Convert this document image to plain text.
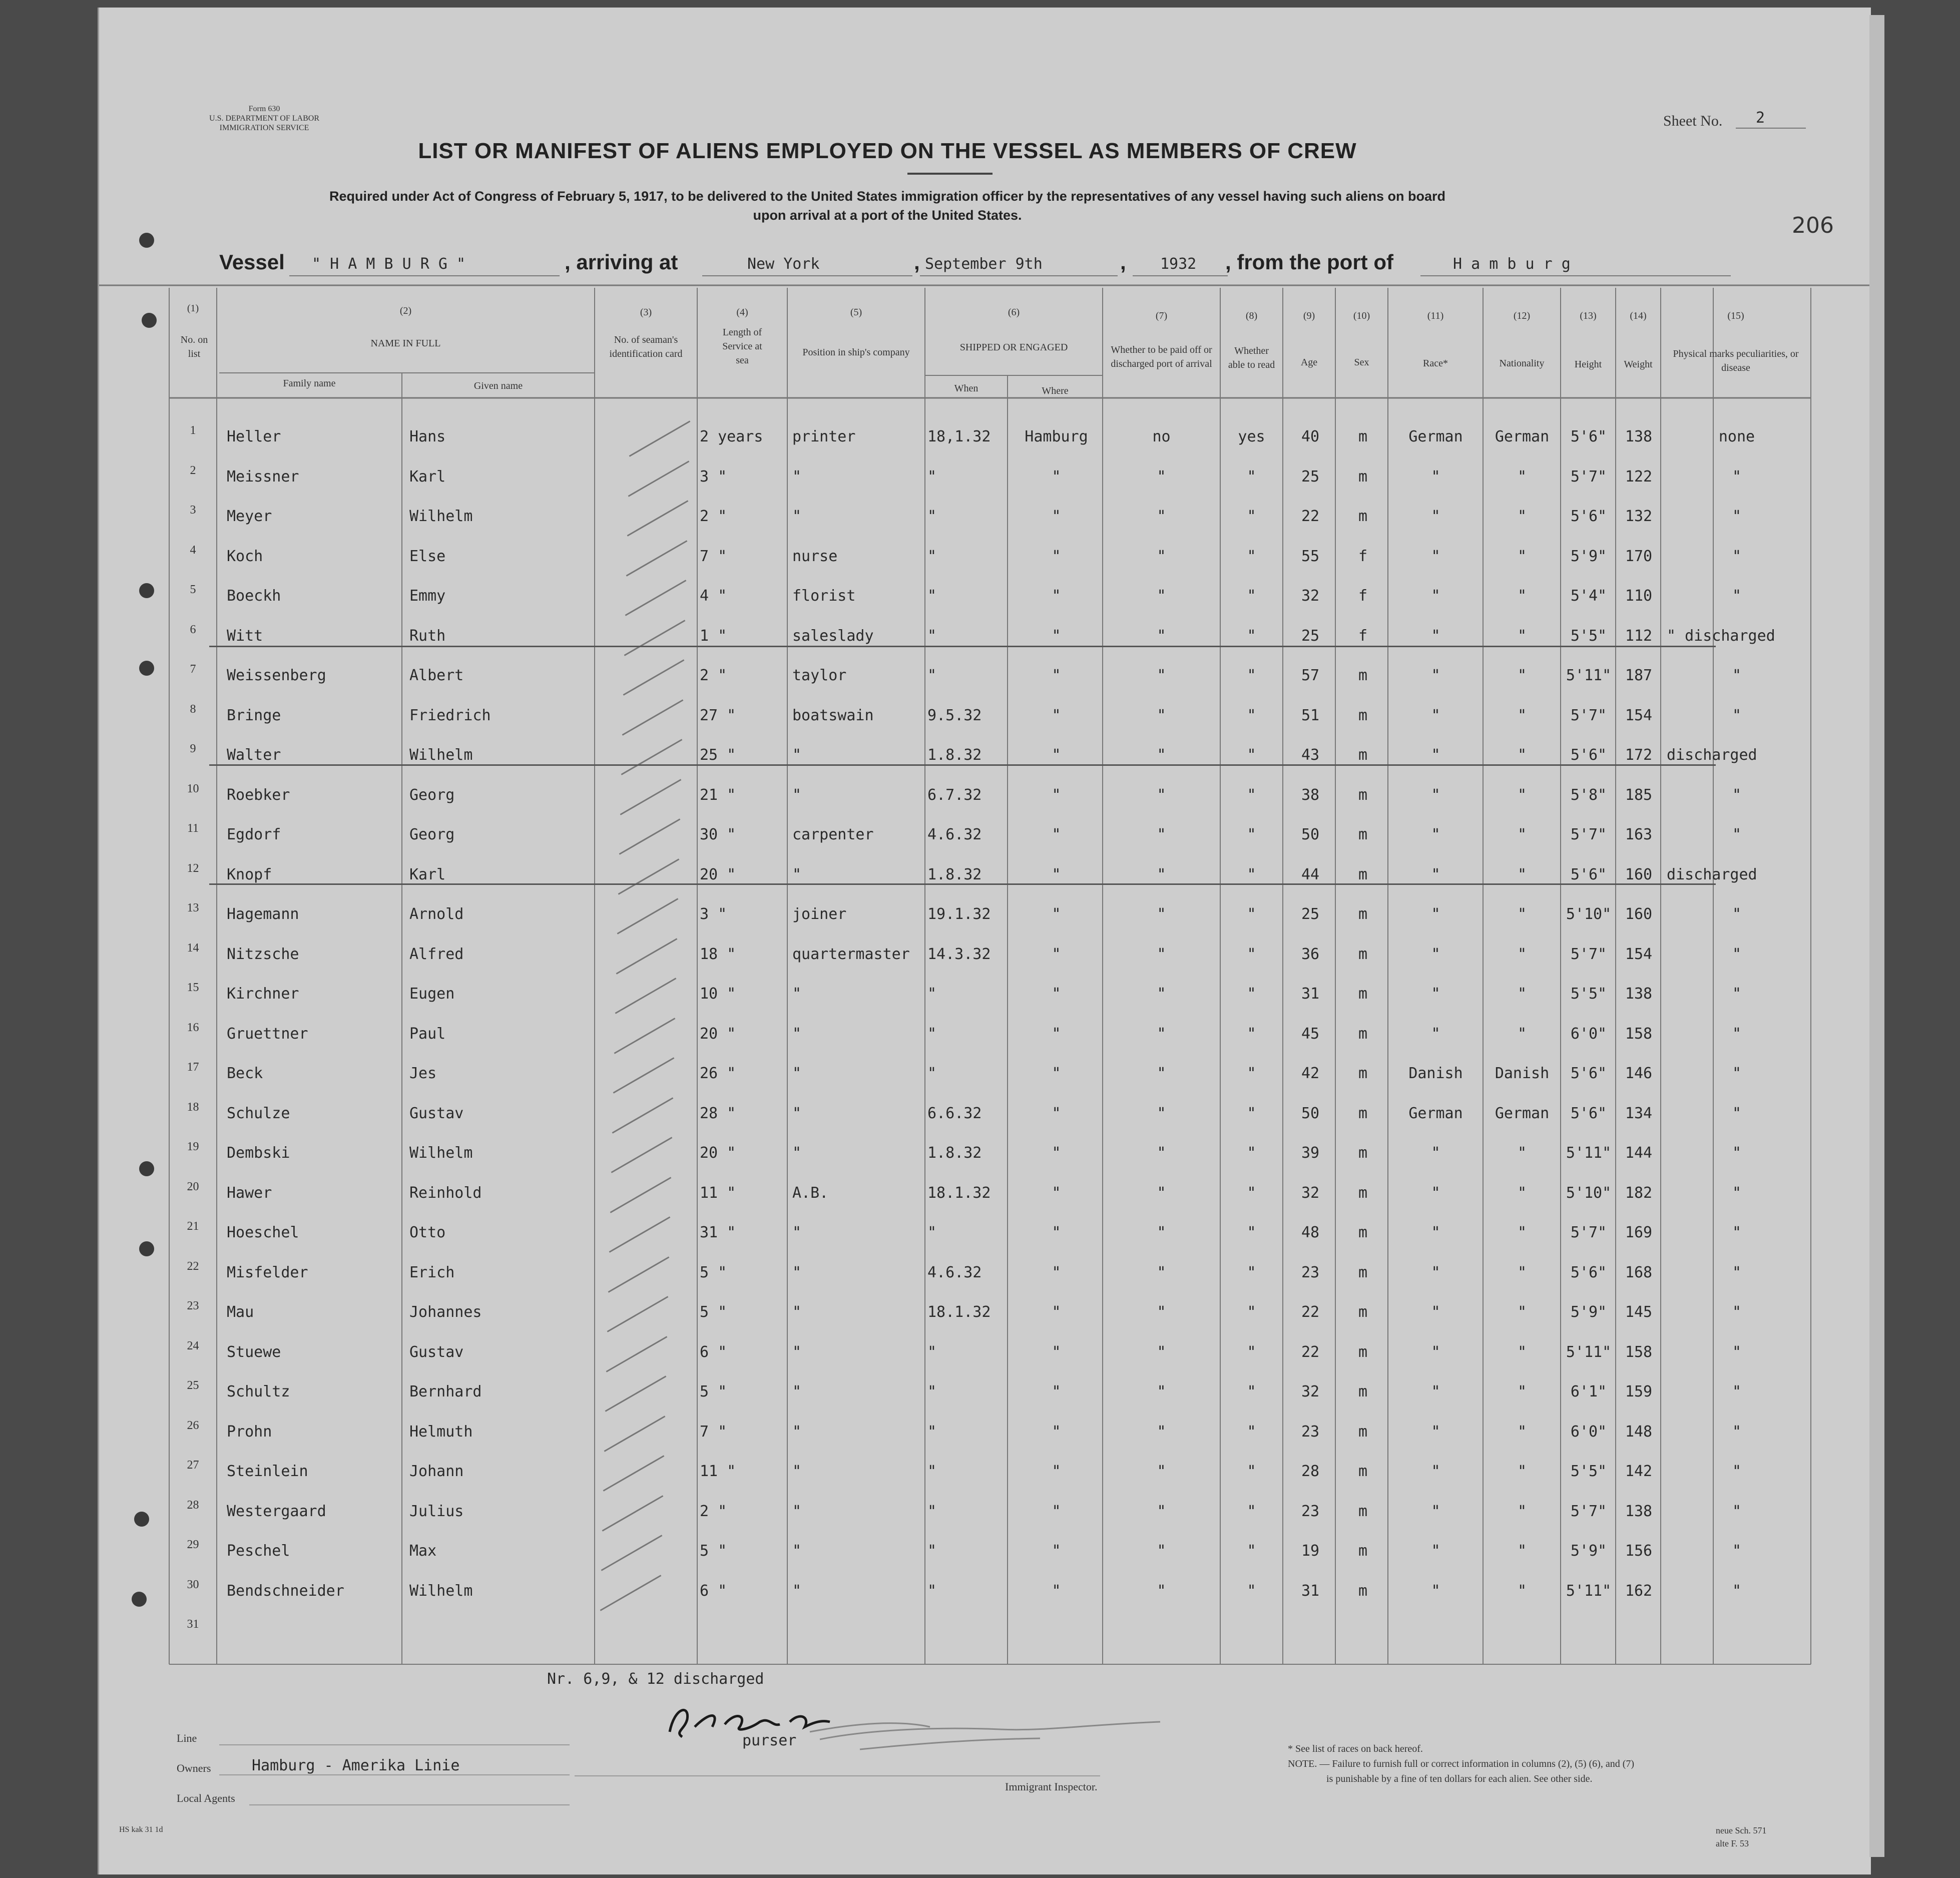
Form 630
U.S. DEPARTMENT OF LABOR
IMMIGRATION SERVICE
LIST OR MANIFEST OF ALIENS EMPLOYED ON THE VESSEL AS MEMBERS OF CREW
Required under Act of Congress of February 5, 1917, to be delivered to the United States immigration officer by the representatives of any vessel having such aliens on board
upon arrival at a port of the United States.
Sheet No. 2
206
Vessel " H A M B U R G "	, arriving at	New York	, September 9th	, 1932 , from the port of	H a m b u r g
(1)	(2)	(3)	(4)	(5)	(6)	(7)	(8)	(9)	(10)	(11)	(12)	(13)	(14)	(15)
No. on list
NAME IN FULL
Family name	Given name
No. of seaman's identification card
Length of Service at sea
Position in ship's company	SHIPPED OR ENGAGED
When	Where
Whether to be paid off or discharged port of arrival
Whether able to read	Age	Sex	Race*	Nationality	Height	Weight
Physical marks peculiarities, or disease
1	Heller	Hans	2 years	printer	18,1.32	Hamburg	no	yes	40	m	German	German	5'6"	138	none
2	Meissner	Karl	3 "	"	"	"	"	"	25	m	"	"	5'7"	122	"
3	Meyer	Wilhelm	2 "	"	"	"	"	"	22	m	"	"	5'6"	132	"
4	Koch	Else	7 "	nurse	"	"	"	"	55	f	"	"	5'9"	170	"
5	Boeckh	Emmy	4 "	florist	"	"	"	"	32	f	"	"	5'4"	110	"
6	Witt	Ruth	1 "	saleslady	"	"	"	"	25	f	"	"	5'5"	112 " discharged
7	Weissenberg	Albert	2 "	taylor	"	"	"	"	57	m	"	"	5'11" 187	"
8	Bringe	Friedrich	27 "	boatswain	9.5.32	"	"	"	51	m	"	"	5'7"	154	"
9	Walter	Wilhelm	25 "	"	1.8.32	"	"	"	43	m	"	"	5'6"	172 discharged
10	Roebker	Georg	21 "	"	6.7.32	"	"	"	38	m	"	"	5'8"	185	"
11	Egdorf	Georg	30 "	carpenter	4.6.32	"	"	"	50	m	"	"	5'7"	163	"
12	Knopf	Karl	20 "	"	1.8.32	"	"	"	44	m	"	"	5'6"	160 discharged
13	Hagemann	Arnold	3 "	joiner	19.1.32	"	"	"	25	m	"	"	5'10" 160	"
14	Nitzsche	Alfred	18 "	quartermaster	14.3.32	"	"	"	36	m	"	"	5'7"	154	"
15	Kirchner	Eugen	10 "	"	"	"	"	"	31	m	"	"	5'5"	138	"
16	Gruettner	Paul	20 "	"	"	"	"	"	45	m	"	"	6'0"	158	"
17	Beck	Jes	26 "	"	"	"	"	"	42	m	Danish	Danish	5'6"	146	"
18	Schulze	Gustav	28 "	"	6.6.32	"	"	"	50	m	German	German	5'6"	134	"
19	Dembski	Wilhelm	20 "	"	1.8.32	"	"	"	39	m	"	"	5'11" 144	"
20	Hawer	Reinhold	11 "	A.B.	18.1.32	"	"	"	32	m	"	"	5'10" 182	"
21	Hoeschel	Otto	31 "	"	"	"	"	"	48	m	"	"	5'7"	169	"
22	Misfelder	Erich	5 "	"	4.6.32	"	"	"	23	m	"	"	5'6"	168	"
23	Mau	Johannes	5 "	"	18.1.32	"	"	"	22	m	"	"	5'9"	145	"
24	Stuewe	Gustav	6 "	"	"	"	"	"	22	m	"	"	5'11" 158	"
25	Schultz	Bernhard	5 "	"	"	"	"	"	32	m	"	"	6'1"	159	"
26	Prohn	Helmuth	7 "	"	"	"	"	"	23	m	"	"	6'0"	148	"
27	Steinlein	Johann	11 "	"	"	"	"	"	28	m	"	"	5'5"	142	"
28	Westergaard	Julius	2 "	"	"	"	"	"	23	m	"	"	5'7"	138	"
29	Peschel	Max	5 "	"	"	"	"	"	19	m	"	"	5'9"	156	"
30	Bendschneider	Wilhelm	6 "	"	"	"	"	"	31	m	"	"	5'11" 162	"
31
Nr. 6,9, & 12 discharged
purser
Line
Owners	Hamburg - Amerika Linie
Local Agents
Immigrant Inspector.
* See list of races on back hereof.
NOTE. — Failure to furnish full or correct information in columns (2), (5) (6), and (7)
is punishable by a fine of ten dollars for each alien. See other side.
HS kak 31 1d	neue Sch. 571
alte F. 53
